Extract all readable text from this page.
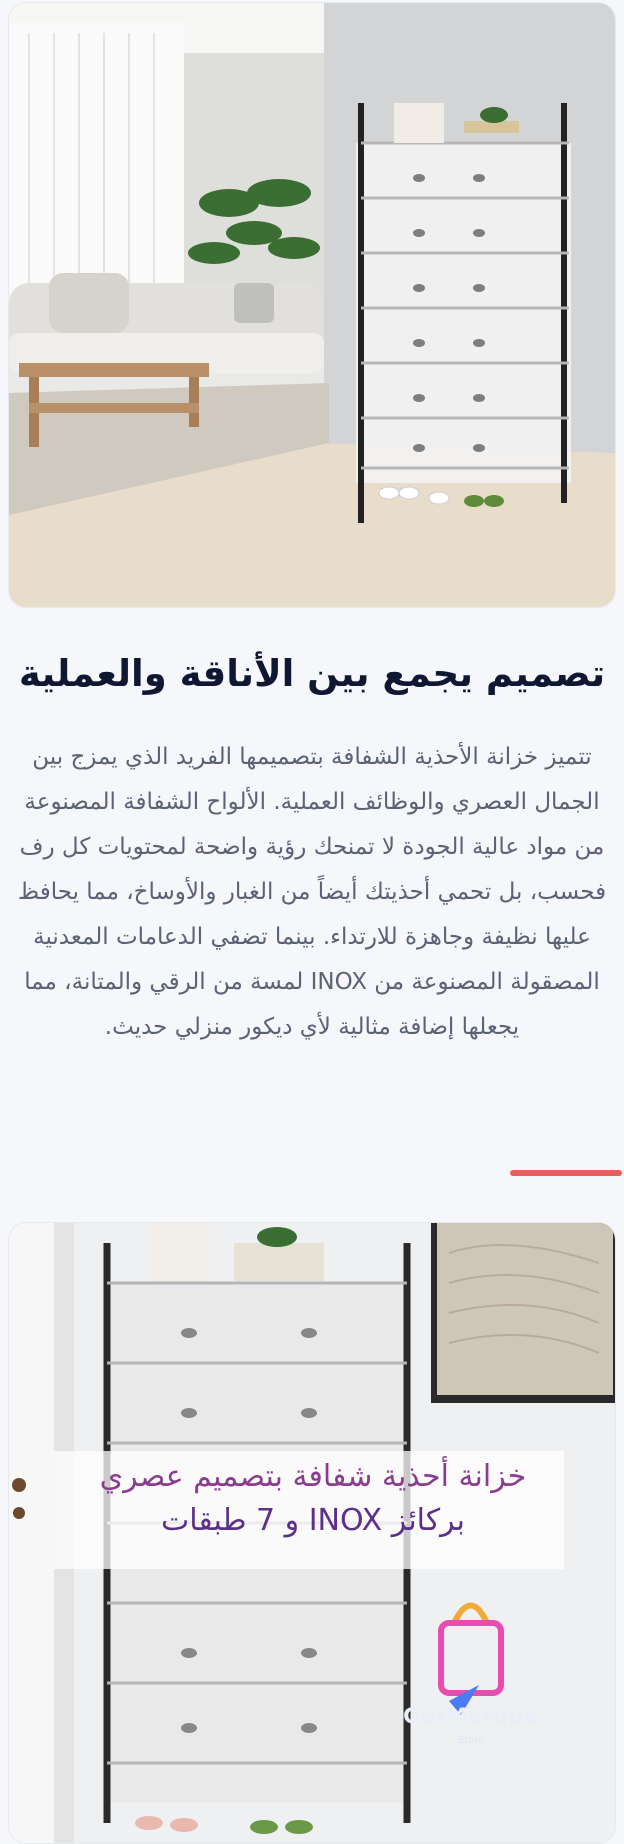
تصميم يجمع بين الأناقة والعملية
تتميز خزانة الأحذية الشفافة بتصميمها الفريد الذي يمزج بين الجمال العصري والوظائف العملية. الألواح الشفافة المصنوعة من مواد عالية الجودة لا تمنحك رؤية واضحة لمحتويات كل رف فحسب، بل تحمي أحذيتك أيضاً من الغبار والأوساخ، مما يحافظ عليها نظيفة وجاهزة للارتداء. بينما تضفي الدعامات المعدنية المصقولة المصنوعة من INOX لمسة من الرقي والمتانة، مما يجعلها إضافة مثالية لأي ديكور منزلي حديث.
خزانة أحذية شفافة بتصميم عصري
بركائز INOX و 7 طبقات
GetMarque
Store
